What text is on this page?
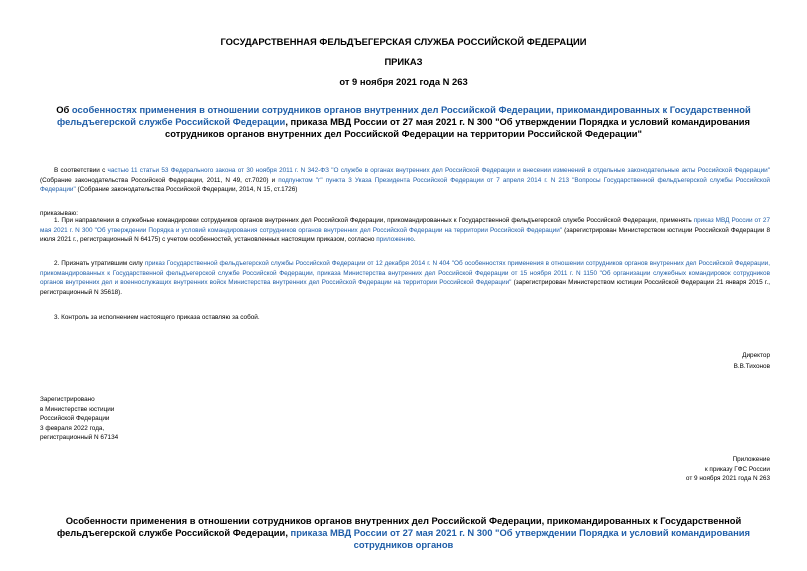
ГОСУДАРСТВЕННАЯ ФЕЛЬДЪЕГЕРСКАЯ СЛУЖБА РОССИЙСКОЙ ФЕДЕРАЦИИ
ПРИКАЗ
от 9 ноября 2021 года N 263
Об особенностях применения в отношении сотрудников органов внутренних дел Российской Федерации, прикомандированных к Государственной фельдъегерской службе Российской Федерации, приказа МВД России от 27 мая 2021 г. N 300 "Об утверждении Порядка и условий командирования сотрудников органов внутренних дел Российской Федерации на территории Российской Федерации"
В соответствии с частью 11 статьи 53 Федерального закона от 30 ноября 2011 г. N 342-ФЗ "О службе в органах внутренних дел Российской Федерации и внесении изменений в отдельные законодательные акты Российской Федерации" (Собрание законодательства Российской Федерации, 2011, N 49, ст.7020) и подпунктом "г" пункта 3 Указа Президента Российской Федерации от 7 апреля 2014 г. N 213 "Вопросы Государственной фельдъегерской службы Российской Федерации" (Собрание законодательства Российской Федерации, 2014, N 15, ст.1726)
приказываю:
1. При направлении в служебные командировки сотрудников органов внутренних дел Российской Федерации, прикомандированных к Государственной фельдъегерской службе Российской Федерации, применять приказ МВД России от 27 мая 2021 г. N 300 "Об утверждении Порядка и условий командирования сотрудников органов внутренних дел Российской Федерации на территории Российской Федерации" (зарегистрирован Министерством юстиции Российской Федерации 8 июля 2021 г., регистрационный N 64175) с учетом особенностей, установленных настоящим приказом, согласно приложению.
2. Признать утратившим силу приказ Государственной фельдъегерской службы Российской Федерации от 12 декабря 2014 г. N 404 "Об особенностях применения в отношении сотрудников органов внутренних дел Российской Федерации, прикомандированных к Государственной фельдъегерской службе Российской Федерации, приказа Министерства внутренних дел Российской Федерации от 15 ноября 2011 г. N 1150 "Об организации служебных командировок сотрудников органов внутренних дел и военнослужащих внутренних войск Министерства внутренних дел Российской Федерации на территории Российской Федерации" (зарегистрирован Министерством юстиции Российской Федерации 21 января 2015 г., регистрационный N 35618).
3. Контроль за исполнением настоящего приказа оставляю за собой.
Директор
В.В.Тихонов
Зарегистрировано
в Министерстве юстиции
Российской Федерации
3 февраля 2022 года,
регистрационный N 67134
Приложение
к приказу ГФС России
от 9 ноября 2021 года N 263
Особенности применения в отношении сотрудников органов внутренних дел Российской Федерации, прикомандированных к Государственной фельдъегерской службе Российской Федерации, приказа МВД России от 27 мая 2021 г. N 300 "Об утверждении Порядка и условий командирования сотрудников органов
